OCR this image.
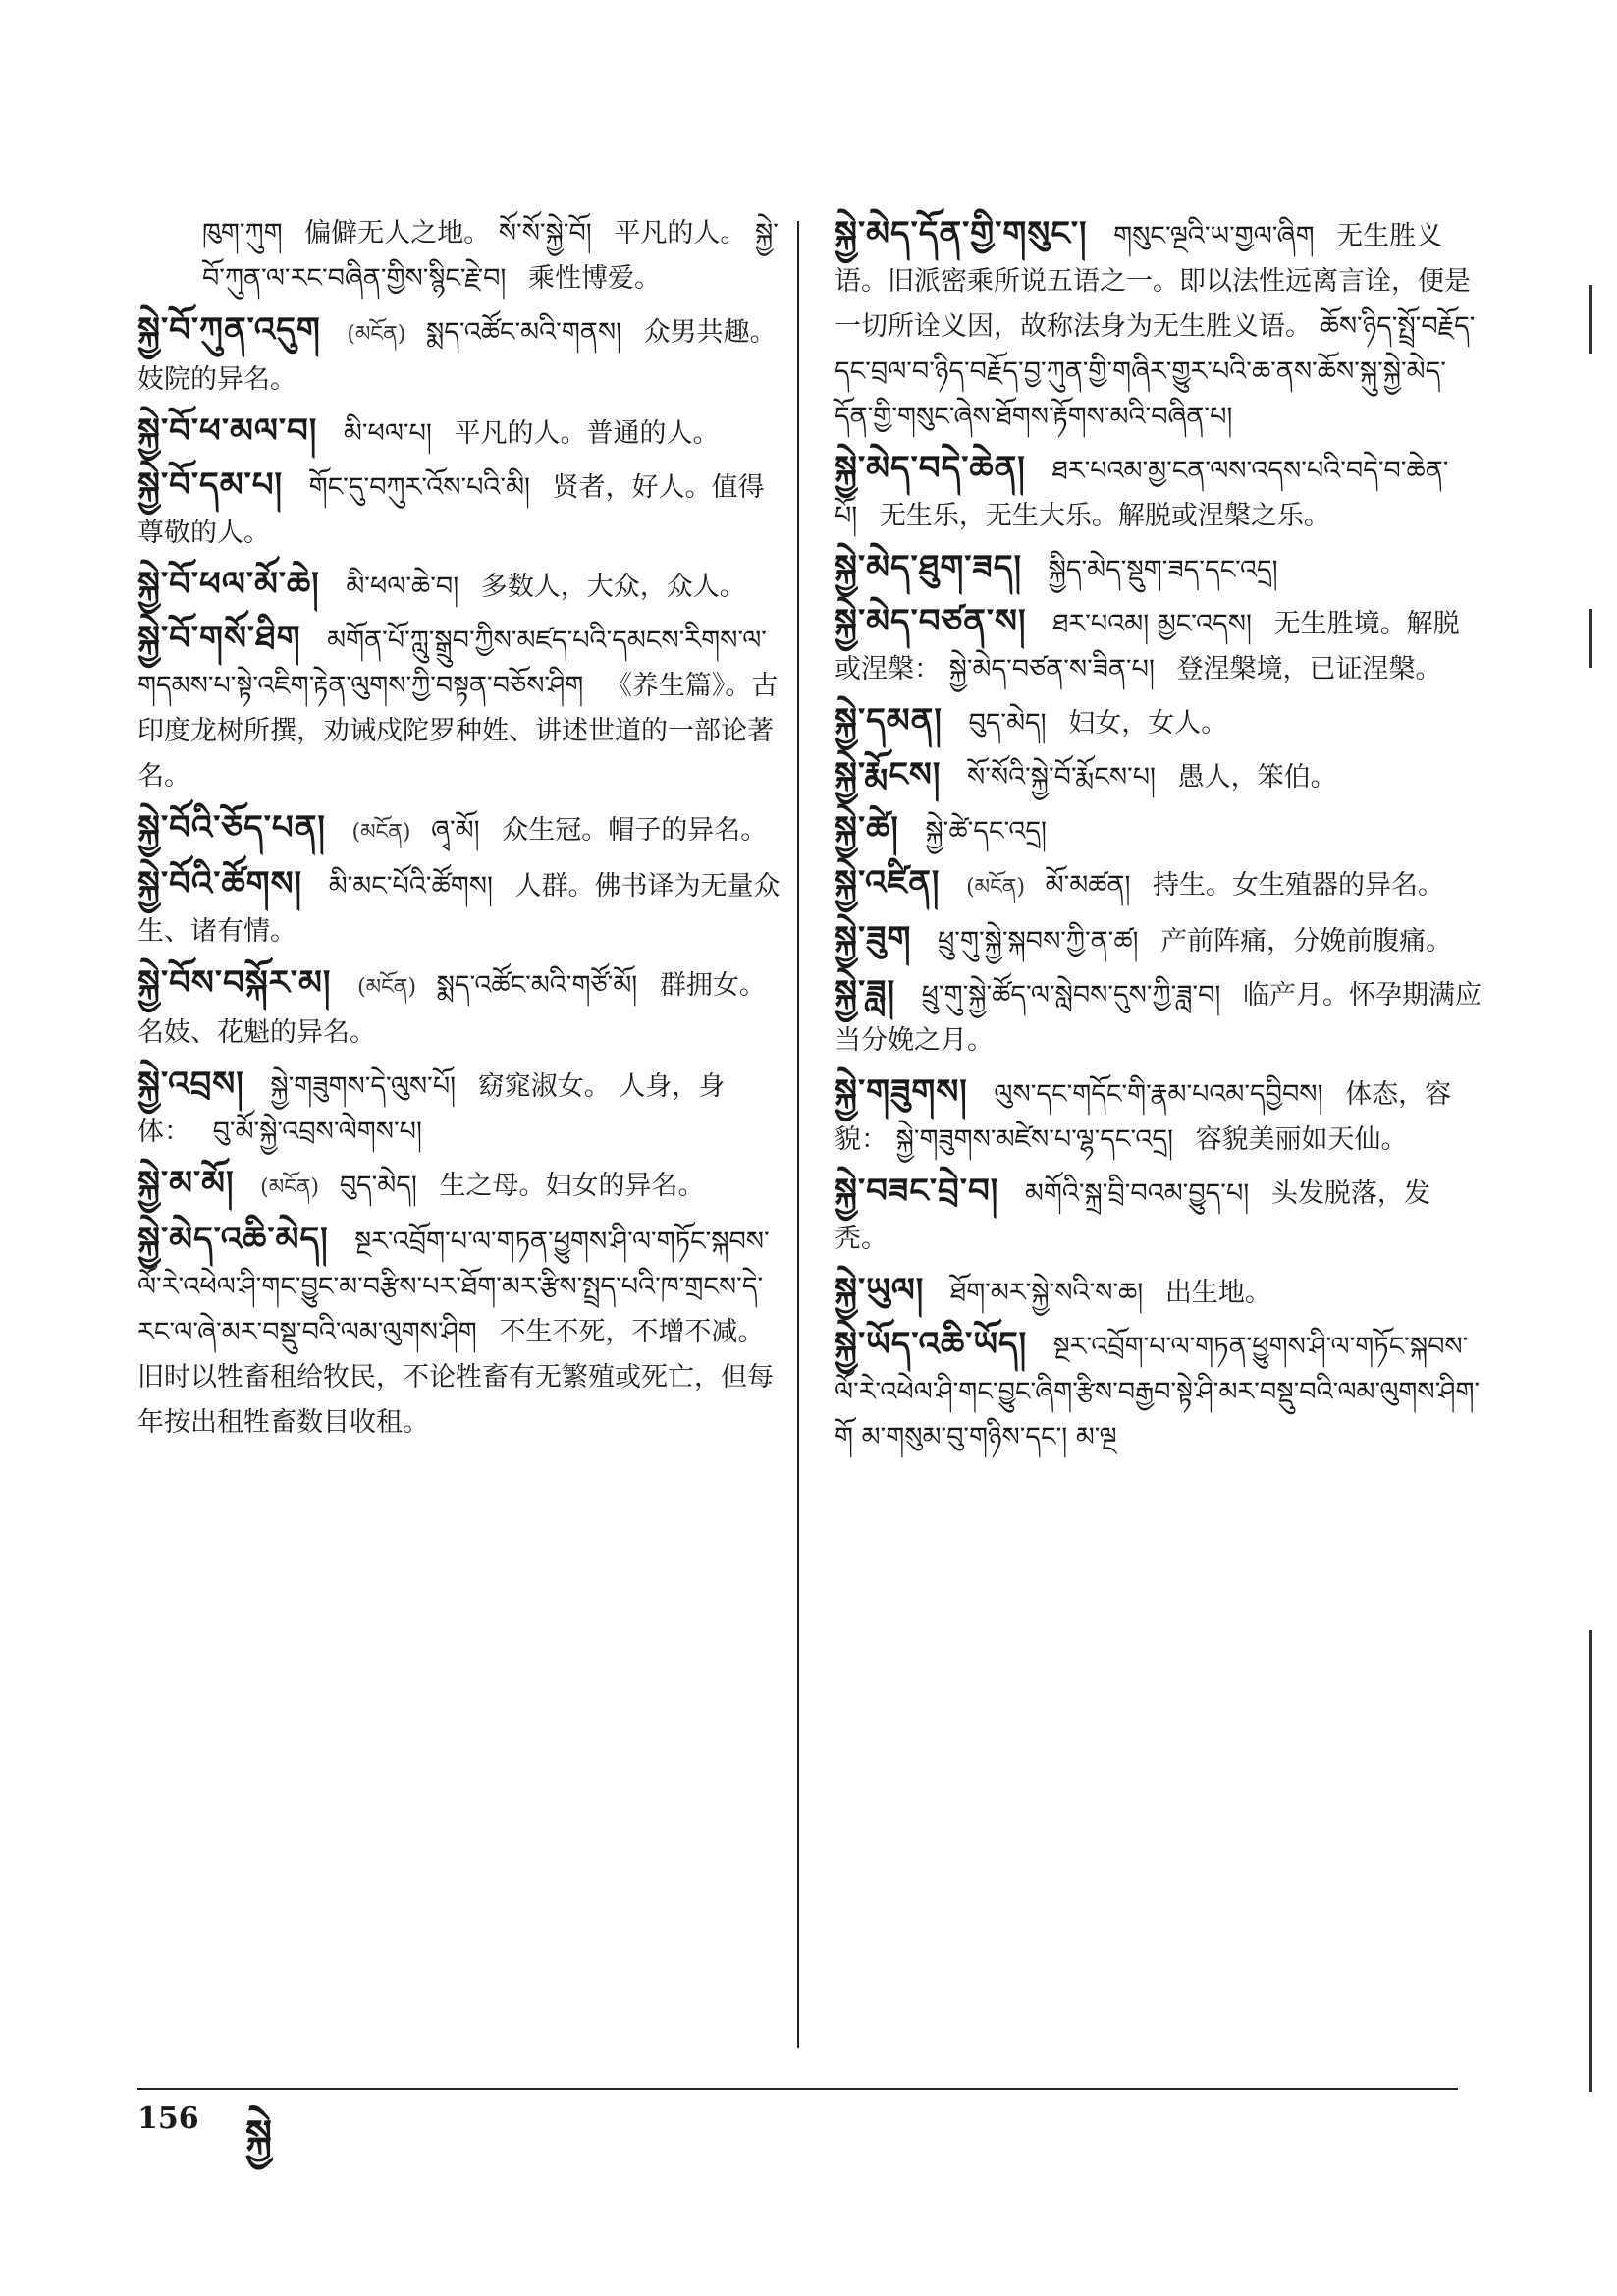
ཁུག་ཀུག 偏僻无人之地。 སོ་སོ་སྐྱེ་བོ། 平凡的人。 སྐྱེ་བོ་ཀུན་ལ་རང་བཞིན་གྱིས་སྙིང་རྗེ་བ། 乘性博爱。
སྐྱེ་བོ་ཀུན་འདུག (མངོན) སྨད་འཚོང་མའི་གནས། 众男共趣。妓院的异名。
སྐྱེ་བོ་ཕ་མལ་བ། མི་ཕལ་པ། 平凡的人。普通的人。
སྐྱེ་བོ་དམ་པ། གོང་དུ་བཀུར་འོས་པའི་མི། 贤者，好人。值得尊敬的人。
སྐྱེ་བོ་ཕལ་མོ་ཆེ། མི་ཕལ་ཆེ་བ། 多数人，大众，众人。
སྐྱེ་བོ་གསོ་ཐིག མགོན་པོ་ཀླུ་སྒྲུབ་ཀྱིས་མཛད་པའི་དམངས་རིགས་ལ་གདམས་པ་སྟེ་འཇིག་རྟེན་ལུགས་ཀྱི་བསྟན་བཅོས་ཤིག 《养生篇》。古印度龙树所撰，劝诫戍陀罗种姓、讲述世道的一部论著名。
སྐྱེ་བོའི་ཅོད་པན། (མངོན) ཞྭ་མོ། 众生冠。帽子的异名。
སྐྱེ་བོའི་ཚོགས། མི་མང་པོའི་ཚོགས། 人群。佛书译为无量众生、诸有情。
སྐྱེ་བོས་བསྐོར་མ། (མངོན) སྨད་འཚོང་མའི་གཙོ་མོ། 群拥女。名妓、花魁的异名。
སྐྱེ་འབྲས། སྐྱེ་གཟུགས་དེ་ལུས་པོ། 窈窕淑女。 人身，身体： བུ་མོ་སྐྱེ་འབྲས་ལེགས་པ།
སྐྱེ་མ་མོ། (མངོན) བུད་མེད། 生之母。妇女的异名。
སྐྱེ་མེད་འཆི་མེད། སྔར་འབྲོག་པ་ལ་གཏན་ཕྱུགས་ཤི་ལ་གཏོང་སྐབས་ལོ་རེ་འཕེལ་ཤི་གང་བྱུང་མ་བརྩིས་པར་ཐོག་མར་རྩིས་སྤྲད་པའི་ཁ་གྲངས་དེ་རང་ལ་ཞེ་མར་བསྡུ་བའི་ལམ་ལུགས་ཤིག 不生不死，不增不减。旧时以牲畜租给牧民，不论牲畜有无繁殖或死亡，但每年按出租牲畜数目收租。
སྐྱེ་མེད་དོན་གྱི་གསུང་། གསུང་ལྔའི་ཡ་གྱལ་ཞིག 无生胜义语。旧派密乘所说五语之一。即以法性远离言诠，便是一切所诠义因，故称法身为无生胜义语。 ཆོས་ཉིད་སྤྲོ་བརྗོད་དང་བྲལ་བ་ཉིད་བརྗོད་བྱ་ཀུན་གྱི་གཞིར་གྱུར་པའི་ཆ་ནས་ཆོས་སྐུ་སྐྱེ་མེད་དོན་གྱི་གསུང་ཞེས་ཐོགས་རྟོགས་མའི་བཞིན་པ།
སྐྱེ་མེད་བདེ་ཆེན། ཐར་པའམ་མྱ་ངན་ལས་འདས་པའི་བདེ་བ་ཆེན་པོ། 无生乐，无生大乐。解脱或涅槃之乐。
སྐྱེ་མེད་ཐུག་ཟད། སྐྱིད་མེད་སྡུག་ཟད་དང་འདྲ།
སྐྱེ་མེད་བཙན་ས། ཐར་པའམ། མྱང་འདས། 无生胜境。解脱或涅槃： སྐྱེ་མེད་བཙན་ས་ཟིན་པ། 登涅槃境，已证涅槃。
སྐྱེ་དམན། བུད་མེད། 妇女，女人。
སྐྱེ་རྨོངས། སོ་སོའི་སྐྱེ་བོ་རྨོངས་པ། 愚人，笨伯。
སྐྱེ་ཚེ། སྐྱེ་ཚེ་དང་འདྲ།
སྐྱེ་འཛིན། (མངོན) མོ་མཚན། 持生。女生殖器的异名。
སྐྱེ་ཟུག ཕྲུ་གུ་སྐྱེ་སྐབས་ཀྱི་ན་ཚ། 产前阵痛，分娩前腹痛。
སྐྱེ་ཟླ། ཕྲུ་གུ་སྐྱེ་ཚོད་ལ་སླེབས་དུས་ཀྱི་ཟླ་བ། 临产月。怀孕期满应当分娩之月。
སྐྱེ་གཟུགས། ལུས་དང་གདོང་གི་རྣམ་པའམ་དབྱིབས། 体态，容貌： སྐྱེ་གཟུགས་མཛེས་པ་ལྷ་དང་འདྲ། 容貌美丽如天仙。
སྐྱེ་བཟང་བྲེ་བ། མགོའི་སྐྲ་བྲི་བའམ་བྱུད་པ། 头发脱落，发秃。
སྐྱེ་ཡུལ། ཐོག་མར་སྐྱེ་སའི་ས་ཆ། 出生地。
སྐྱེ་ཡོད་འཆི་ཡོད། སྔར་འབྲོག་པ་ལ་གཏན་ཕྱུགས་ཤི་ལ་གཏོང་སྐབས་ལོ་རེ་འཕེལ་ཤི་གང་བྱུང་ཞིག་རྩིས་བརྒྱབ་སྟེ་ཤི་མར་བསྡུ་བའི་ལམ་ལུགས་ཤིག་གོ མ་གསུམ་བུ་གཉིས་དང་། མ་ལྔ
156 སྐྱེ
